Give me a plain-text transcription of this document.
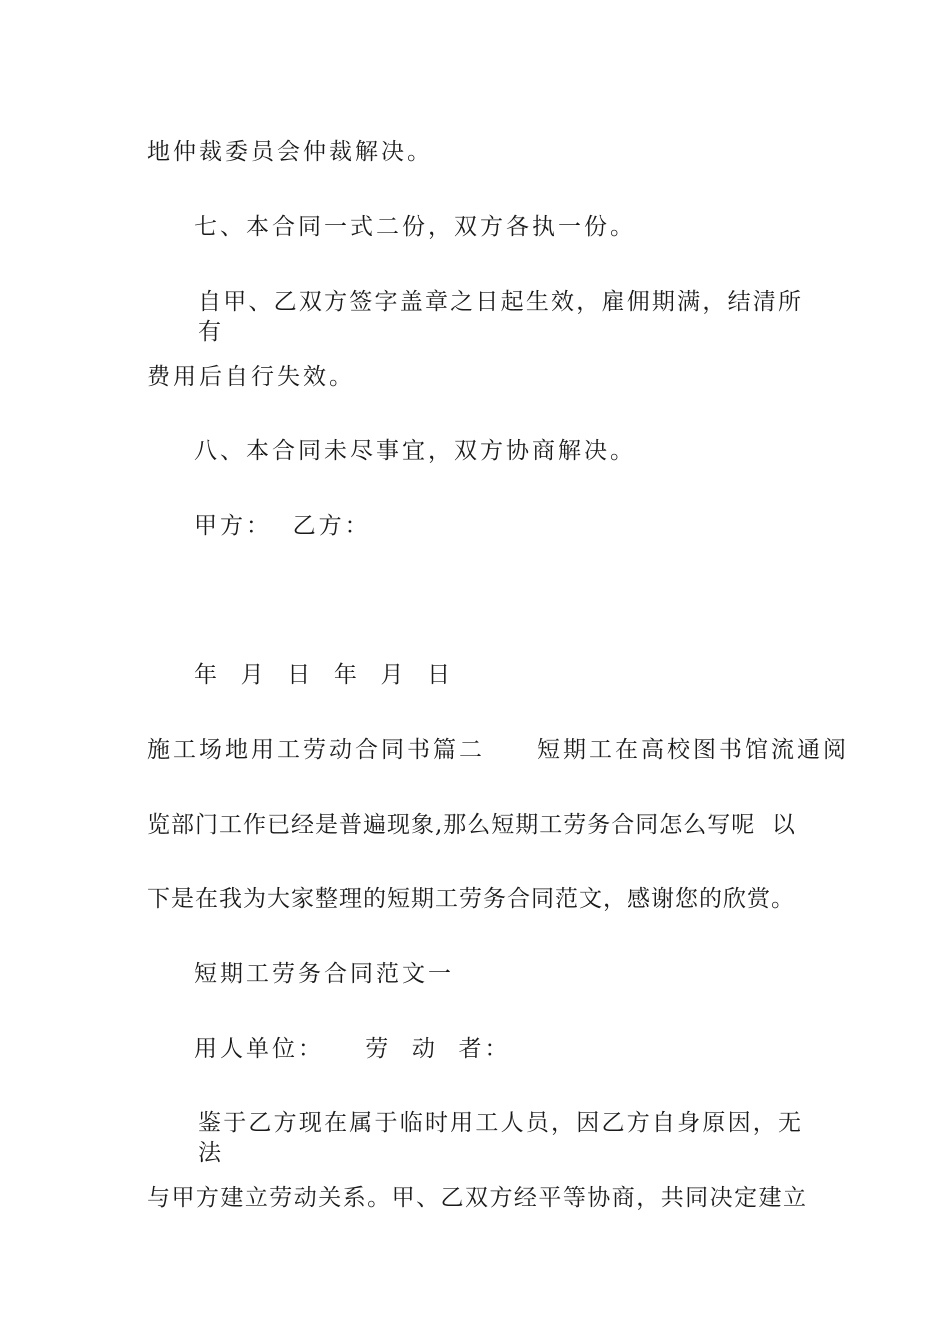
地仲裁委员会仲裁解决。
七、本合同一式二份，双方各执一份。
自甲、乙双方签字盖章之日起生效，雇佣期满，结清所有
费用后自行失效。
八、本合同未尽事宜，双方协商解决。
甲方：  乙方：
年  月  日  年  月  日
施工场地用工劳动合同书篇二 短期工在高校图书馆流通阅
览部门工作已经是普遍现象,那么短期工劳务合同怎么写呢  以
下是在我为大家整理的短期工劳务合同范文，感谢您的欣赏。
短期工劳务合同范文一
用人单位：    劳  动  者：
鉴于乙方现在属于临时用工人员，因乙方自身原因，无法
与甲方建立劳动关系。甲、乙双方经平等协商，共同决定建立
